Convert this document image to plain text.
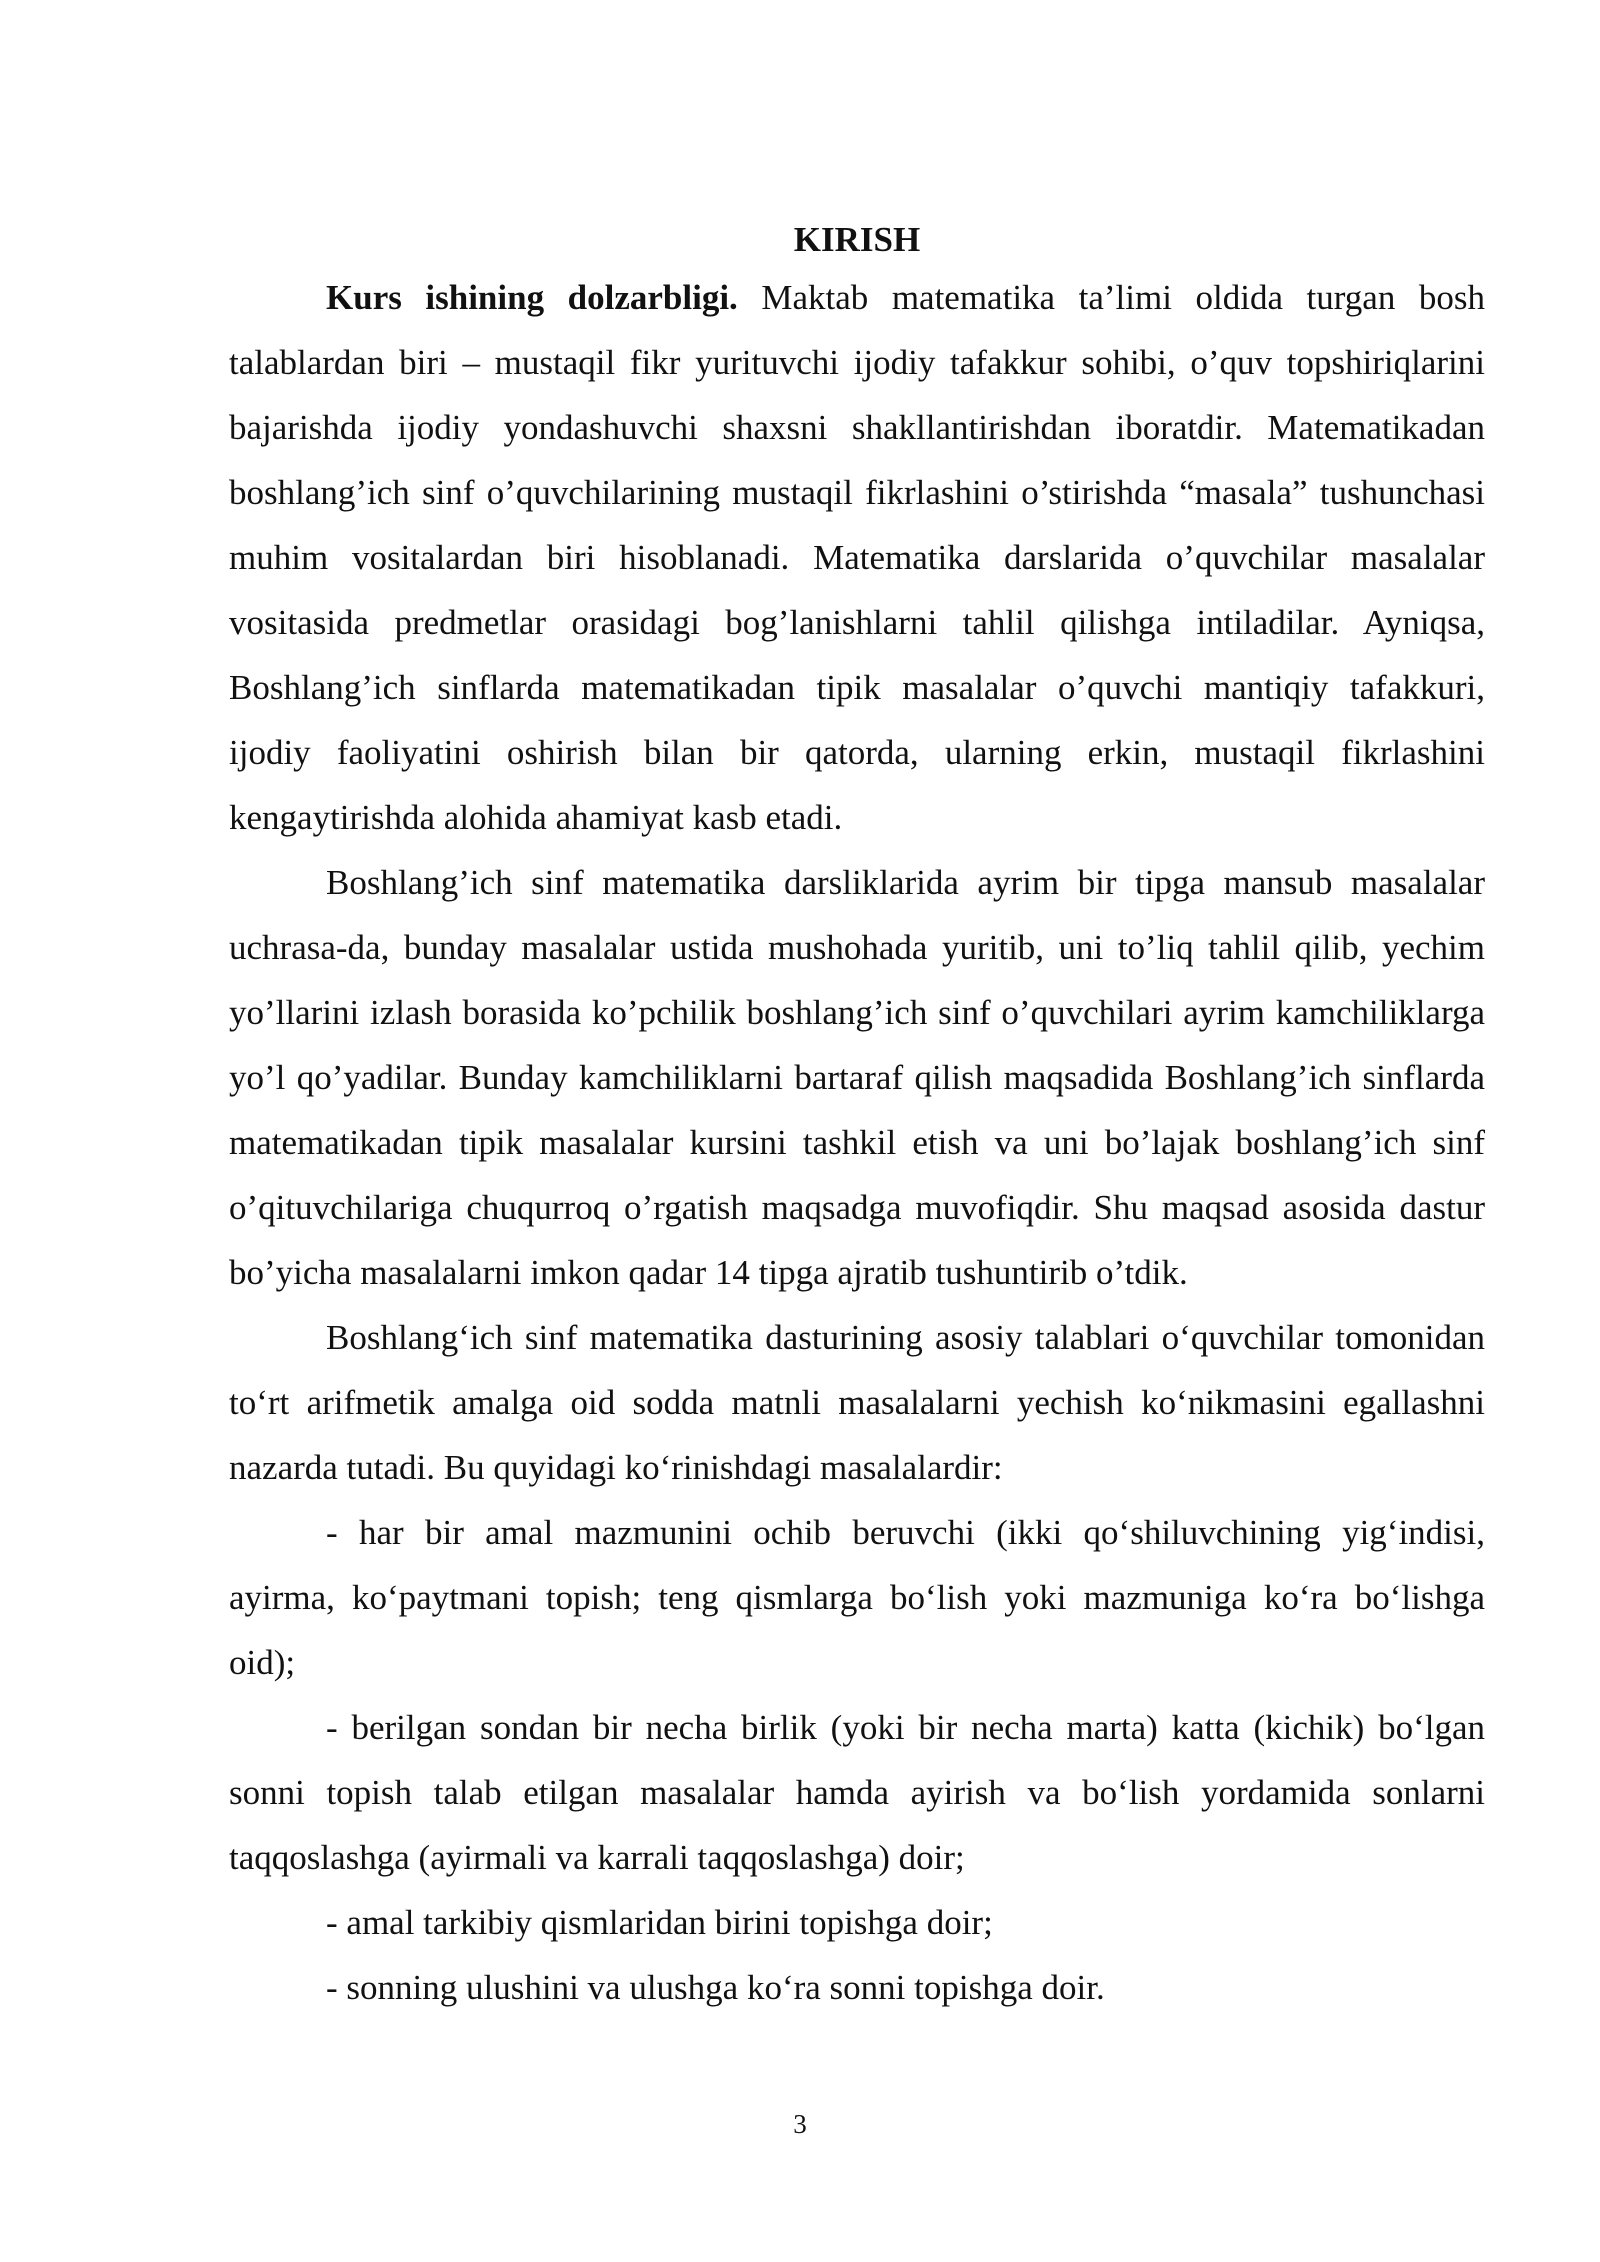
KIRISH

Kurs ishining dolzarbligi. Maktab matematika ta’limi oldida turgan bosh talablardan biri – mustaqil fikr yurituvchi ijodiy tafakkur sohibi, o’quv topshiriqlarini bajarishda ijodiy yondashuvchi shaxsni shakllantirishdan iboratdir. Matematikadan boshlang’ich sinf o’quvchilarining mustaqil fikrlashini o’stirishda “masala” tushunchasi muhim vositalardan biri hisoblanadi. Matematika darslarida o’quvchilar masalalar vositasida predmetlar orasidagi bog’lanishlarni tahlil qilishga intiladilar. Ayniqsa, Boshlang’ich sinflarda matematikadan tipik masalalar o’quvchi mantiqiy tafakkuri, ijodiy faoliyatini oshirish bilan bir qatorda, ularning erkin, mustaqil fikrlashini kengaytirishda alohida ahamiyat kasb etadi.

Boshlang’ich sinf matematika darsliklarida ayrim bir tipga mansub masalalar uchrasa-da, bunday masalalar ustida mushohada yuritib, uni to’liq tahlil qilib, yechim yo’llarini izlash borasida ko’pchilik boshlang’ich sinf o’quvchilari ayrim kamchiliklarga yo’l qo’yadilar. Bunday kamchiliklarni bartaraf qilish maqsadida Boshlang’ich sinflarda matematikadan tipik masalalar kursini tashkil etish va uni bo’lajak boshlang’ich sinf o’qituvchilariga chuqurroq o’rgatish maqsadga muvofiqdir. Shu maqsad asosida dastur bo’yicha masalalarni imkon qadar 14 tipga ajratib tushuntirib o’tdik.

Boshlang‘ich sinf matematika dasturining asosiy talablari o‘quvchilar tomonidan to‘rt arifmetik amalga oid sodda matnli masalalarni yechish ko‘nikmasini egallashni nazarda tutadi. Bu quyidagi ko‘rinishdagi masalalardir:

- har bir amal mazmunini ochib beruvchi (ikki qo‘shiluvchining yig‘indisi, ayirma, ko‘paytmani topish; teng qismlarga bo‘lish yoki mazmuniga ko‘ra bo‘lishga oid);

- berilgan sondan bir necha birlik (yoki bir necha marta) katta (kichik) bo‘lgan sonni topish talab etilgan masalalar hamda ayirish va bo‘lish yordamida sonlarni taqqoslashga (ayirmali va karrali taqqoslashga) doir;

- amal tarkibiy qismlaridan birini topishga doir;

- sonning ulushini va ulushga ko‘ra sonni topishga doir.

3
